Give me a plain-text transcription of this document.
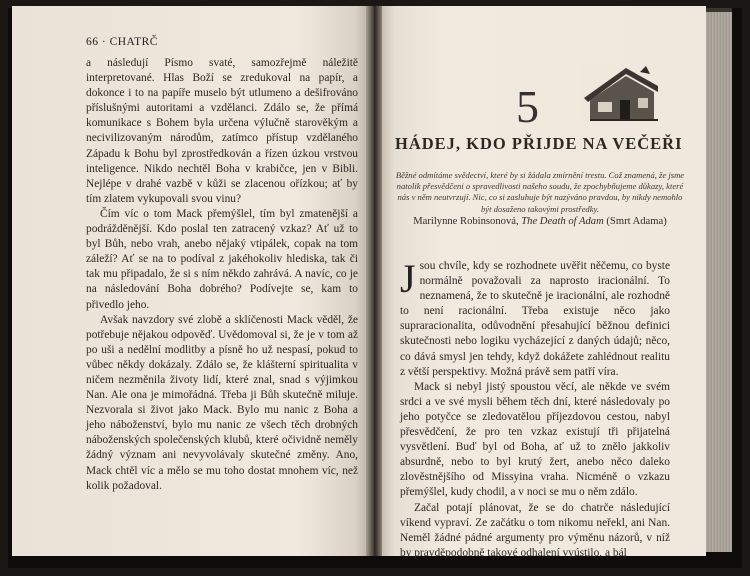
66 · CHATRČ

a následují Písmo svaté, samozřejmě náležitě interpretované. Hlas Boží se zredukoval na papír, a dokonce i to na papíře muselo být utlumeno a dešifrováno příslušnými autoritami a vzdělanci. Zdálo se, že přímá komunikace s Bohem byla určena výlučně starověkým a necivilizovaným národům, zatímco přístup vzdělaného Západu k Bohu byl zprostředkován a řízen úzkou vrstvou inteligence. Nikdo nechtěl Boha v krabičce, jen v Bibli. Nejlépe v drahé vazbě v kůži se zlacenou ořízkou; ať by tím zlatem vykupovali svou vinu?

Čím víc o tom Mack přemýšlel, tím byl zmatenější a podrážděnější. Kdo poslal ten zatracený vzkaz? Ať už to byl Bůh, nebo vrah, anebo nějaký vtipálek, copak na tom záleží? Ať se na to podíval z jakéhokoliv hlediska, tak či tak mu připadalo, že si s ním někdo zahrává. A navíc, co je na následování Boha dobrého? Podívejte se, kam to přivedlo jeho.

Avšak navzdory své zlobě a sklíčenosti Mack věděl, že potřebuje nějakou odpověď. Uvědomoval si, že je v tom až po uši a nedělní modlitby a písně ho už nespasí, pokud to vůbec někdy dokázaly. Zdálo se, že klášterní spiritualita v ničem nezměnila životy lidí, které znal, snad s výjimkou Nan. Ale ona je mimořádná. Třeba ji Bůh skutečně miluje. Nezvorala si život jako Mack. Bylo mu nanic z Boha a jeho náboženství, bylo mu nanic ze všech těch drobných náboženských společenských klubů, které očividně neměly žádný význam ani nevyvolávaly skutečné změny. Ano, Mack chtěl víc a mělo se mu toho dostat mnohem víc, než kolik požadoval.

5
HÁDEJ, KDO PŘIJDE NA VEČEŘI
Běžné odmítáme svědectví, které by si žádala zmírnění trestu. Což znamená, že jsme natolik přesvědčeni o spravedlivosti našeho soudu, že zpochybňujeme důkazy, které nás v něm neutvrzují. Nic, co si zasluhuje být nazýváno pravdou, by nikdy nemohlo být dosaženo takovými prostředky.
Marilynne Robinsonová, The Death of Adam (Smrt Adama)

Jsou chvíle, kdy se rozhodnete uvěřit něčemu, co byste normálně považovali za naprosto iracionální. To neznamená, že to skutečně je iracionální, ale rozhodně to není racionální. Třeba existuje něco jako supraracionalita, odůvodnění přesahující běžnou definici skutečnosti nebo logiku vycházející z daných údajů; něco, co dává smysl jen tehdy, když dokážete zahlédnout realitu z větší perspektivy. Možná právě sem patří víra.

Mack si nebyl jistý spoustou věcí, ale někde ve svém srdci a ve své mysli během těch dní, které následovaly po jeho potyčce se zledovatělou příjezdovou cestou, nabyl přesvědčení, že pro ten vzkaz existují tři přijatelná vysvětlení. Buď byl od Boha, ať už to znělo jakkoliv absurdně, nebo to byl krutý žert, anebo něco daleko zlověstnějšího od Missyina vraha. Nicméně o vzkazu přemýšlel, kudy chodil, a v noci se mu o něm zdálo.

Začal potají plánovat, že se do chatrče následující víkend vypraví. Ze začátku o tom nikomu neřekl, ani Nan. Neměl žádné pádné argumenty pro výměnu názorů, v níž by pravděpodobně takové odhalení vyústilo, a bál
